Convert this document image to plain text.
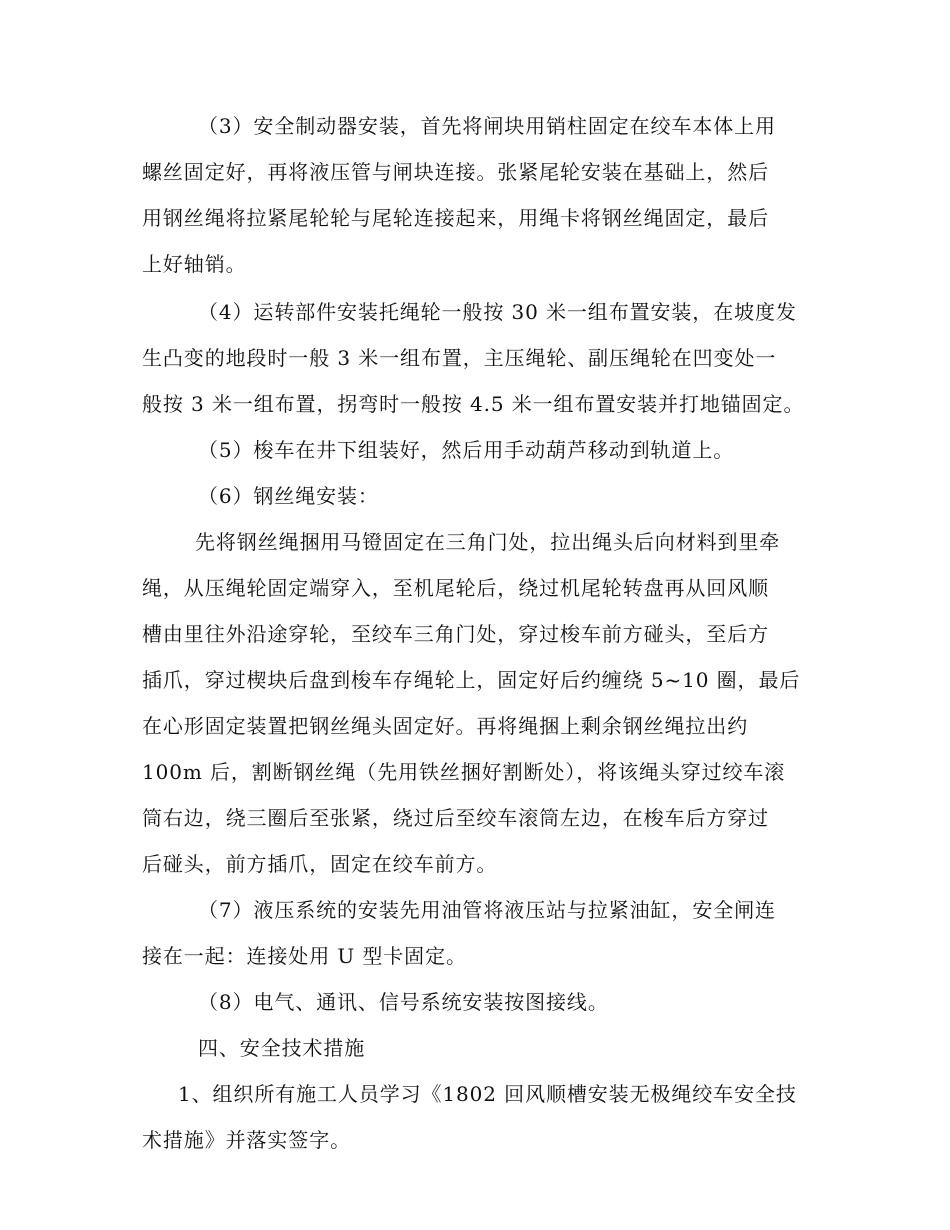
（3）安全制动器安装，首先将闸块用销柱固定在绞车本体上用
螺丝固定好，再将液压管与闸块连接。张紧尾轮安装在基础上，然后
用钢丝绳将拉紧尾轮轮与尾轮连接起来，用绳卡将钢丝绳固定，最后
上好轴销。
（4）运转部件安装托绳轮一般按 30 米一组布置安装，在坡度发
生凸变的地段时一般 3 米一组布置，主压绳轮、副压绳轮在凹变处一
般按 3 米一组布置，拐弯时一般按 4.5 米一组布置安装并打地锚固定。
（5）梭车在井下组装好，然后用手动葫芦移动到轨道上。
（6）钢丝绳安装：
先将钢丝绳捆用马镫固定在三角门处，拉出绳头后向材料到里牵
绳，从压绳轮固定端穿入，至机尾轮后，绕过机尾轮转盘再从回风顺
槽由里往外沿途穿轮，至绞车三角门处，穿过梭车前方碰头，至后方
插爪，穿过楔块后盘到梭车存绳轮上，固定好后约缠绕 5~10 圈，最后
在心形固定装置把钢丝绳头固定好。再将绳捆上剩余钢丝绳拉出约
100m 后，割断钢丝绳（先用铁丝捆好割断处），将该绳头穿过绞车滚
筒右边，绕三圈后至张紧，绕过后至绞车滚筒左边，在梭车后方穿过
后碰头，前方插爪，固定在绞车前方。
（7）液压系统的安装先用油管将液压站与拉紧油缸，安全闸连
接在一起：连接处用 U 型卡固定。
（8）电气、通讯、信号系统安装按图接线。
四、安全技术措施
1、组织所有施工人员学习《1802 回风顺槽安装无极绳绞车安全技
术措施》并落实签字。
